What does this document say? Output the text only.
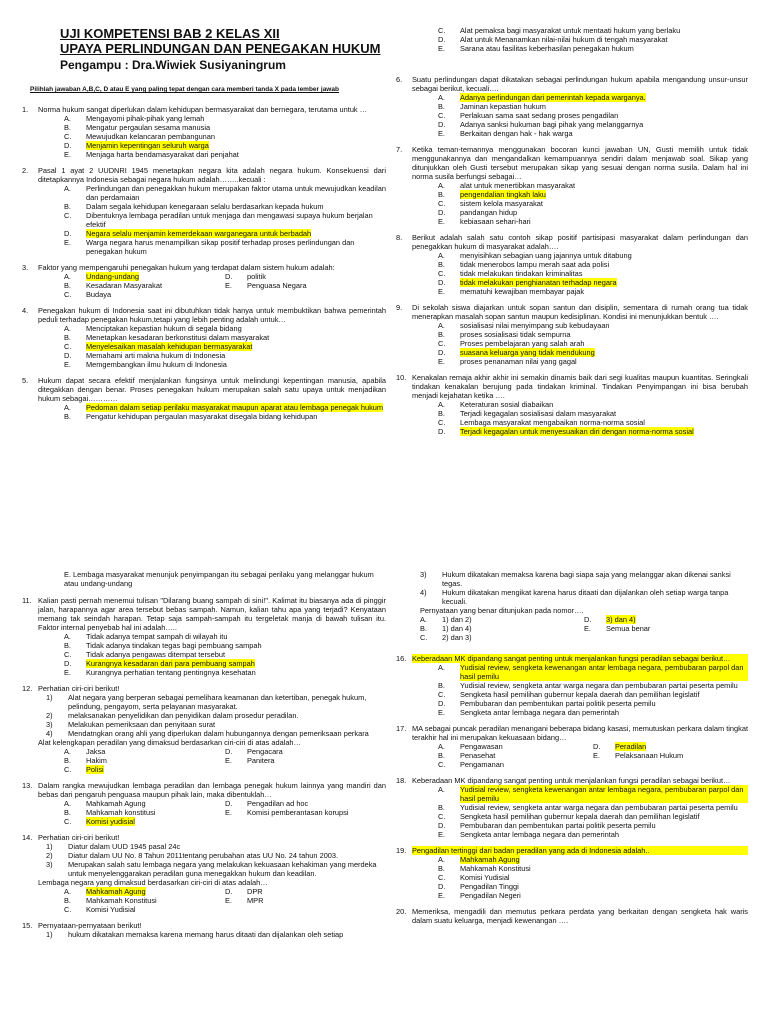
UJI KOMPETENSI BAB 2 KELAS XII
UPAYA PERLINDUNGAN DAN PENEGAKAN HUKUM
Pengampu : Dra.Wiwiek Susiyaningrum
Pilihlah jawaban A,B,C, D atau E yang paling tepat dengan cara memberi tanda X pada lember jawab
1.	Norma hukum sangat diperlukan dalam kehidupan bermasyarakat dan bernegara, terutama untuk …
A.	Mengayomi pihak-pihak yang lemah
B.	Mengatur pergaulan sesama manusia
C.	Mewujudkan kelancaran pembangunan
D.	Menjamin kepentingan seluruh warga
E.	Menjaga harta bendamasyarakat dari penjahat
2.	Pasal 1 ayat 2 UUDNRI 1945 menetapkan negara kita adalah negara hukum. Konsekuensi dari ditetapkannya Indonesia sebagai negara hukum adalah……..kecuali :
A.	Perlindungan dan penegakkan hukum merupakan faktor utama untuk mewujudkan keadilan dan perdamaian
B.	Dalam segala kehidupan kenegaraan selalu berdasarkan kepada hukum
C.	Dibentuknya lembaga peradilan untuk menjaga dan mengawasi supaya hukum berjalan efektif
D.	Negara selalu menjamin kemerdekaan warganegara untuk berbadah
E.	Warga negara harus menampilkan sikap positif terhadap proses perlindungan dan penegakan hukum
3.	Faktor yang mempengaruhi penegakan hukum yang terdapat dalam sistem hukum adalah:
A.	Undang-undang	D.	politik
B.	Kesadaran Masyarakat	E.	Penguasa Negara
C.	Budaya
4.	Penegakan hukum di Indonesia saat ini dibutuhkan tidak hanya untuk membuktikan bahwa pemerintah peduli terhadap penegakan hukum,tetapi yang lebih penting adalah untuk…
A.	Menciptakan kepastian hukum di segala bidang
B.	Menetapkan kesadaran berkonstitusi dalam masyarakat
C.	Menyelesaikan masalah kehidupan bermasyarakat
D.	Memahami arti makna hukum di Indonesia
E.	Memgembangkan ilmu hukum di Indonesia
5.	Hukum dapat secara efektif menjalankan fungsinya untuk melindungi kepentingan manusia, apabila ditegakkan dengan benar. Proses penegakan hukum merupakan salah satu upaya untuk menjadikan hukum sebagai…………
A.	Pedoman dalam setiap perilaku masyarakat maupun aparat atau lembaga penegak hukum
B.	Pengatur kehidupan pergaulan masyarakat disegala bidang kehidupan
C.	Alat pemaksa bagi masyarakat untuk mentaati hukum yang berlaku
D.	Alat untuk Menanamkan nilai-nilai hukum di tengah masyarakat
E.	Sarana atau fasilitas keberhasilan penegakan hukum
6.	Suatu perlindungan dapat dikatakan sebagai perlindungan hukum apabila mengandung unsur-unsur sebagai berikut, kecuali….
A.	Adanya perlindungan dari pemerintah kepada warganya.
B.	Jaminan kepastian hukum
C.	Perlakuan sama saat sedang proses pengadilan
D.	Adanya sanksi hukuman bagi pihak yang melanggarnya
E.	Berkaitan dengan hak - hak warga
7.	Ketika teman-temannya menggunakan bocoran kunci jawaban UN, Gusti memilih untuk tidak menggunakannya dan mengandalkan kemampuannya sendiri dalam menjawab soal. Sikap yang ditunjukkan oleh Gusti tersebut merupakan sikap yang sesuai dengan norma susila. Dalam hal ini norma susila berfungsi sebagai…
A.	alat untuk menertibkan masyarakat
B.	pengendalian tingkah laku
C.	sistem kelola masyarakat
D.	pandangan hidup
E.	kebiasaan sehari-hari
8.	Berikut adalah salah satu contoh sikap positif partisipasi masyarakat dalam perlindungan dan penegakkan hukum di masyarakat adalah….
A.	menyisihkan sebagian uang jajannya untuk ditabung
B.	tidak menerobos lampu merah saat ada polisi
C.	tidak melakukan tindakan kriminalitas
D.	tidak melakukan penghianatan terhadap negara
E.	mematuhi kewajiban membayar pajak
9.	Di sekolah siswa diajarkan untuk sopan santun dan disiplin, sementara di rumah orang tua tidak menerapkan masalah sopan santun maupun kedisiplinan. Kondisi ini menunjukkan bentuk ….
A.	sosialisasi nilai menyimpang sub kebudayaan
B.	proses sosialisasi tidak sempurna
C.	Proses pembelajaran yang salah arah
D.	suasana keluarga yang tidak mendukung
E.	proses penanaman nilai yang gagal
10. Kenakalan remaja akhir akhir ini semakin dinamis baik dari segi kualitas maupun kuantitas. Seringkali tindakan kenakalan berujung pada tindakan kriminal. Tindakan Penyimpangan ini bisa berubah menjadi kejahatan ketika ….
A.	Keteraturan sosial diabaikan
B.	Terjadi kegagalan sosialisasi dalam masyarakat
C.	Lembaga masyarakat mengabaikan norma-norma sosial
D.	Terjadi kegagalan untuk menyesuaikan diri dengan norma-norma sosial
E. Lembaga masyarakat menunjuk penyimpangan itu sebagai perilaku yang melanggar hukum atau undang-undang
11. Kalian pasti pernah menemui tulisan "Dilarang buang sampah di sini!". Kalimat itu biasanya ada di pinggir jalan, harapannya agar area tersebut bebas sampah. Namun, kalian tahu apa yang terjadi? Kenyataan memang tak seindah harapan. Tetap saja sampah-sampah itu tergeletak manja di bawah tulisan itu. Faktor internal penyebab hal ini adalah…..
A.	Tidak adanya tempat sampah di wilayah itu
B.	Tidak adanya tindakan tegas bagi pembuang sampah
C.	Tidak adanya pengawas ditempat tersebut
D.	Kurangnya kesadaran dari para pembuang sampah
E.	Kurangnya perhatian tentang pentingnya kesehatan
12. Perhatian ciri-ciri berikut!
1)	Alat negara yang berperan sebagai pemelihara keamanan dan ketertiban, penegak hukum, pelindung, pengayom, serta pelayanan masyarakat.
2)	melaksanakan penyelidikan dan penyidikan dalam prosedur peradilan.
3)	Melakukan pemeriksaan dan penyitaan surat
4)	Mendatngkan orang ahli yang diperlukan dalam hubungannya dengan pemeriksaan perkara
Alat kelengkapan peradilan yang dimaksud berdasarkan ciri-ciri di atas adalah…
A.	Jaksa	D.	Pengacara
B.	Hakim	E.	Panitera
C.	Polisi
13. Dalam rangka mewujudkan lembaga peradilan dan lembaga penegak hukum lainnya yang mandiri dan bebas dari pengaruh penguasa maupun pihak lain, maka dibentuklah…
A.	Mahkamah Agung	D.	Pengadilan ad hoc
B.	Mahkamah konstitusi	E.	Komisi pemberantasan korupsi
C.	Komisi yudisial
14. Perhatian ciri-ciri berikut!
1)	Diatur dalam UUD 1945 pasal 24c
2)	Diatur dalam UU No. 8 Tahun 2011tentang perubahan atas UU No. 24 tahun 2003.
3)	Merupakan salah satu lembaga negara yang melakukan kekuasaan kehakiman yang merdeka untuk menyelenggarakan peradilan guna menegakkan hukum dan keadilan.
Lembaga negara yang dimaksud berdasarkan ciri-ciri di atas adalah…
A.	Mahkamah Agung	D.	DPR
B.	Mahkamah Konstitusi	E.	MPR
C.	Komisi Yudisial
15. Pernyataan-pernyataan berikut!
1)	hukum dikatakan memaksa karena memang harus ditaati dan dijalankan oleh setiap
3)	Hukum dikatakan memaksa karena bagi siapa saja yang melanggar akan dikenai sanksi tegas.
4)	Hukum dikatakan mengikat karena harus ditaati dan dijalankan oleh setiap warga tanpa kecuali.
Pernyataan yang benar ditunjukan pada nomor….
A.	1) dan 2)	D.	3) dan 4)
B.	1) dan 4)	E.	Semua benar
C.	2) dan 3)
16. Keberadaan MK dipandang sangat penting untuk menjalankan fungsi peradilan sebagai berikut…
A.	Yudisial review, sengketa kewenangan antar lembaga negara, pembubaran parpol dan hasil pemilu
B.	Yudisial review, sengketa antar warga negara dan pembubaran partai peserta pemilu
C.	Sengketa hasil pemilihan gubernur kepala daerah dan pemilihan legislatif
D.	Pembubaran dan pembentukan partai politik peserta pemilu
E.	Sengketa antar lembaga negara dan pemerintah
17. MA sebagai puncak peradilan menangani beberapa bidang kasasi, memutuskan perkara dalam tingkat terakhir hal ini merupakan kekuasaan bidang…
A.	Pengawasan	D.	Peradilan
B.	Penasehat	E.	Pelaksanaan Hukum
C.	Pengamanan
18. Keberadaan MK dipandang sangat penting untuk menjalankan fungsi peradilan sebagai berikut…
A.	Yudisial review, sengketa kewenangan antar lembaga negara, pembubaran parpol dan hasil pemilu
B.	Yudisial review, sengketa antar warga negara dan pembubaran partai peserta pemilu
C.	Sengketa hasil pemilihan gubernur kepala daerah dan pemilihan legislatif
D.	Pembubaran dan pembentukan partai politik peserta pemilu
E.	Sengketa antar lembaga negara dan pemerintah
19. Pengadilan tertinggi dari badan peradilan yang ada di Indonesia adalah..
A.	Mahkamah Agung
B.	Mahkamah Konstitusi
C.	Komisi Yudisial
D.	Pengadilan Tinggi
E.	Pengadilan Negeri
20. Memeriksa, mengadili dan memutus perkara perdata yang berkaitan dengan sengketa hak waris dalam suatu keluarga, menjadi kewenangan ….
